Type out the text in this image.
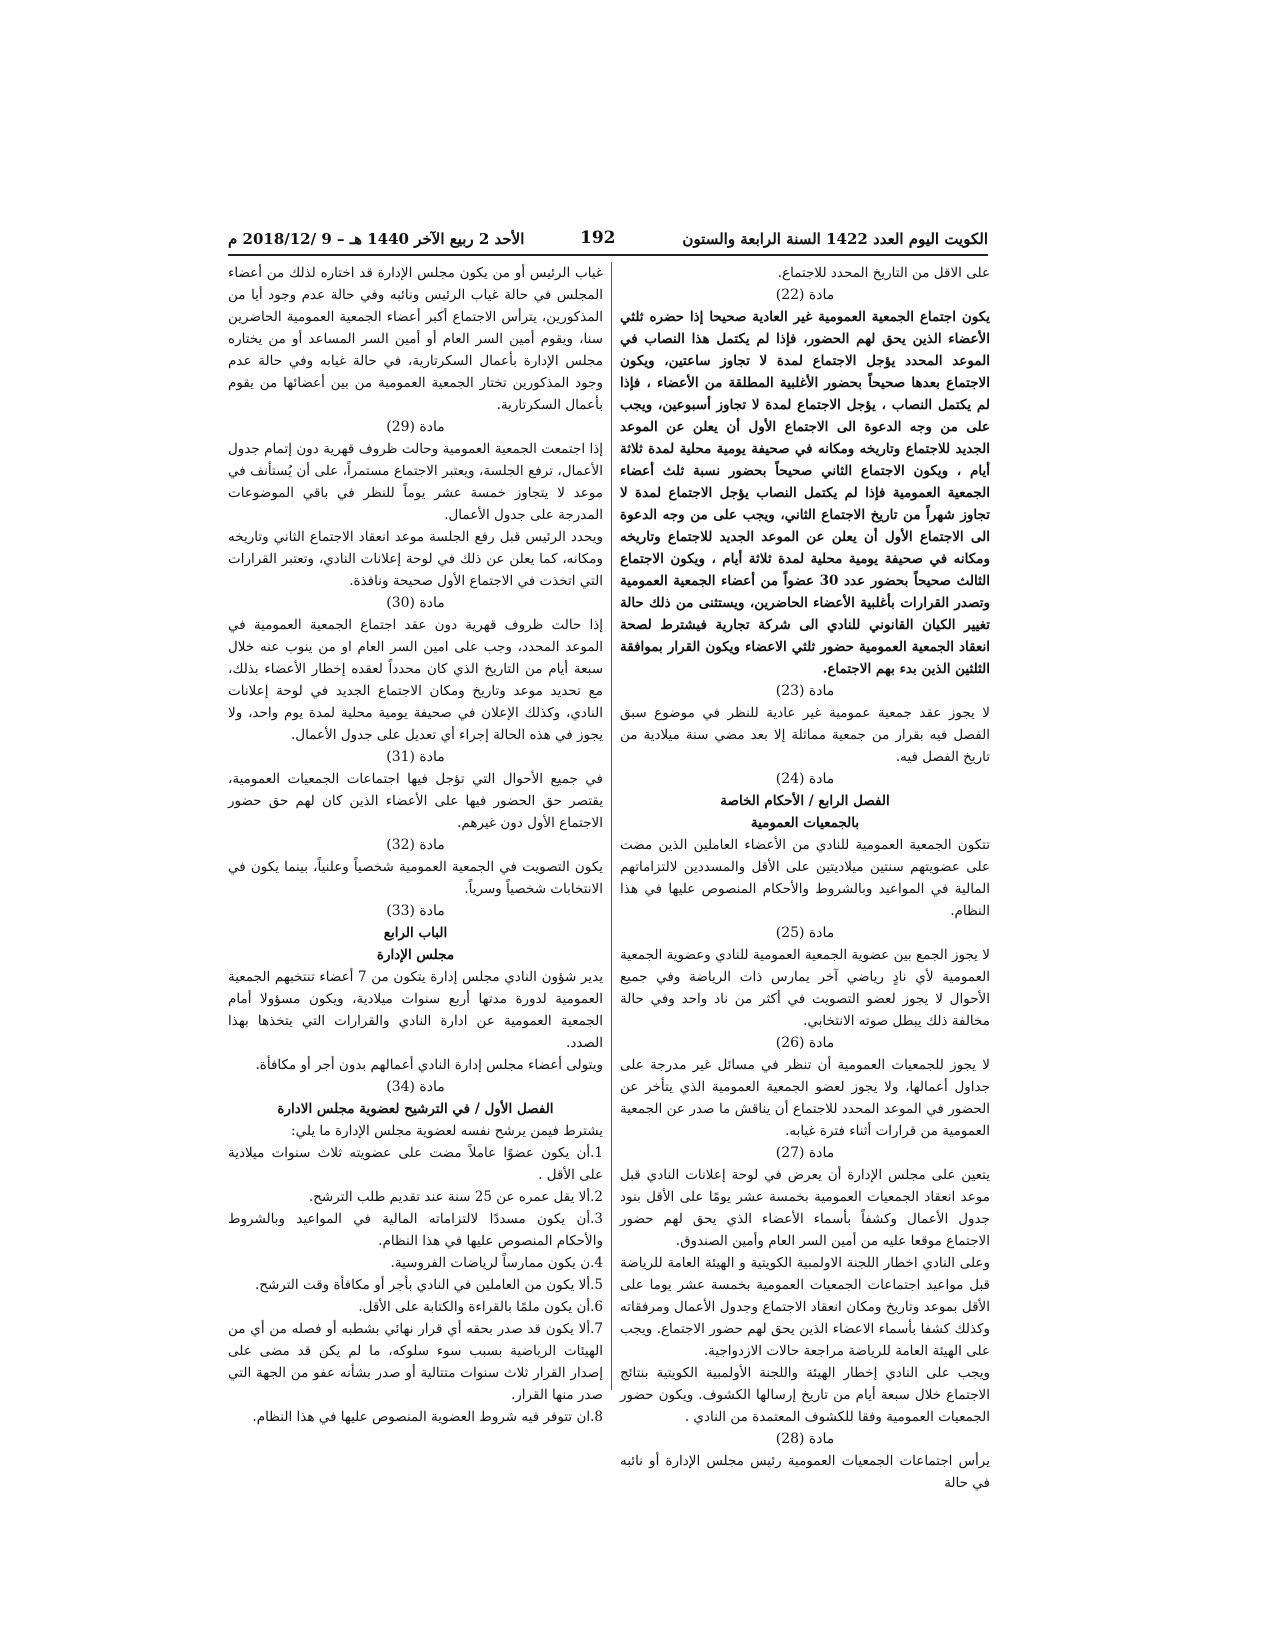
الكويت اليوم العدد 1422 السنة الرابعة والستون
192
الأحد 2 ربيع الآخر 1440 هـ – 9 /2018/12 م

على الاقل من التاريخ المحدد للاجتماع.

مادة (22)

يكون اجتماع الجمعية العمومية غير العادية صحيحا إذا حضره ثلثي الأعضاء الذين يحق لهم الحضور، فإذا لم يكتمل هذا النصاب في الموعد المحدد يؤجل الاجتماع لمدة لا تجاوز ساعتين، ويكون الاجتماع بعدها صحيحاً بحضور الأغلبية المطلقة من الأعضاء ، فإذا لم يكتمل النصاب ، يؤجل الاجتماع لمدة لا تجاوز أسبوعين، ويجب على من وجه الدعوة الى الاجتماع الأول أن يعلن عن الموعد الجديد للاجتماع وتاريخه ومكانه في صحيفة يومية محلية لمدة ثلاثة أيام ، ويكون الاجتماع الثاني صحيحاً بحضور نسبة ثلث أعضاء الجمعية العمومية فإذا لم يكتمل النصاب يؤجل الاجتماع لمدة لا تجاوز شهراً من تاريخ الاجتماع الثاني، ويجب على من وجه الدعوة الى الاجتماع الأول أن يعلن عن الموعد الجديد للاجتماع وتاريخه ومكانه في صحيفة يومية محلية لمدة ثلاثة أيام ، ويكون الاجتماع الثالث صحيحاً بحضور عدد 30 عضواً من أعضاء الجمعية العمومية وتصدر القرارات بأغلبية الأعضاء الحاضرين، ويستثنى من ذلك حالة تغيير الكيان القانوني للنادي الى شركة تجارية فيشترط لصحة انعقاد الجمعية العمومية حضور ثلثي الاعضاء ويكون القرار بموافقة الثلثين الذين بدء بهم الاجتماع.

مادة (23)

لا يجوز عقد جمعية عمومية غير عادية للنظر في موضوع سبق الفصل فيه بقرار من جمعية مماثلة إلا بعد مضي سنة ميلادية من تاريخ الفصل فيه.

مادة (24)

الفصل الرابع / الأحكام الخاصة

بالجمعيات العمومية

تتكون الجمعية العمومية للنادي من الأعضاء العاملين الذين مضت على عضويتهم سنتين ميلاديتين على الأقل والمسددين لالتزاماتهم المالية في المواعيد وبالشروط والأحكام المنصوص عليها في هذا النظام.

مادة (25)

لا يجوز الجمع بين عضوية الجمعية العمومية للنادي وعضوية الجمعية العمومية لأي نادٍ رياضي آخر يمارس ذات الرياضة وفي جميع الأحوال لا يجوز لعضو التصويت في أكثر من ناد واحد وفي حالة مخالفة ذلك يبطل صوته الانتخابي.

مادة (26)

لا يجوز للجمعيات العمومية أن تنظر في مسائل غير مدرجة على جداول أعمالها، ولا يجوز لعضو الجمعية العمومية الذي يتأخر عن الحضور في الموعد المحدد للاجتماع أن يناقش ما صدر عن الجمعية العمومية من قرارات أثناء فترة غيابه.

مادة (27)

يتعين على مجلس الإدارة أن يعرض في لوحة إعلانات النادي قبل موعد انعقاد الجمعيات العمومية بخمسة عشر يومًا على الأقل بنود جدول الأعمال وكشفاً بأسماء الأعضاء الذي يحق لهم حضور الاجتماع موقعا عليه من أمين السر العام وأمين الصندوق.

وعلى النادي اخطار اللجنة الاولمبية الكويتية و الهيئة العامة للرياضة قبل مواعيد اجتماعات الجمعيات العمومية بخمسة عشر يوما على الأقل بموعد وتاريخ ومكان انعقاد الاجتماع وجدول الأعمال ومرفقاته وكذلك كشفا بأسماء الاعضاء الذين يحق لهم حضور الاجتماع. ويجب على الهيئة العامة للرياضة مراجعة حالات الازدواجية.

ويجب على النادي إخطار الهيئة واللجنة الأولمبية الكويتية بنتائج الاجتماع خلال سبعة أيام من تاريخ إرسالها الكشوف. ويكون حضور الجمعيات العمومية وفقا للكشوف المعتمدة من النادي .

مادة (28)

يرأس اجتماعات الجمعيات العمومية رئيس مجلس الإدارة أو نائبه في حالة

غياب الرئيس أو من يكون مجلس الإدارة قد اختاره لذلك من أعضاء المجلس في حالة غياب الرئيس ونائبه وفي حالة عدم وجود أيا من المذكورين، يترأس الاجتماع أكبر أعضاء الجمعية العمومية الحاضرين سنا، ويقوم أمين السر العام أو أمين السر المساعد أو من يختاره مجلس الإدارة بأعمال السكرتارية، في حالة غيابه وفي حالة عدم وجود المذكورين تختار الجمعية العمومية من بين أعضائها من يقوم بأعمال السكرتارية.

مادة (29)

إذا اجتمعت الجمعية العمومية وحالت ظروف قهرية دون إتمام جدول الأعمال، ترفع الجلسة، ويعتبر الاجتماع مستمراً، على أن يُستأنف في موعد لا يتجاوز خمسة عشر يوماً للنظر في باقي الموضوعات المدرجة على جدول الأعمال.

ويحدد الرئيس قبل رفع الجلسة موعد انعقاد الاجتماع الثاني وتاريخه ومكانه، كما يعلن عن ذلك في لوحة إعلانات النادي، وتعتبر القرارات التي اتخذت في الاجتماع الأول صحيحة ونافذة.

مادة (30)

إذا حالت ظروف قهرية دون عقد اجتماع الجمعية العمومية في الموعد المحدد، وجب على امين السر العام او من ينوب عنه خلال سبعة أيام من التاريخ الذي كان محدداً لعقده إخطار الأعضاء بذلك، مع تحديد موعد وتاريخ ومكان الاجتماع الجديد في لوحة إعلانات النادي، وكذلك الإعلان في صحيفة يومية محلية لمدة يوم واحد، ولا يجوز في هذه الحالة إجراء أي تعديل على جدول الأعمال.

مادة (31)

في جميع الأحوال التي تؤجل فيها اجتماعات الجمعيات العمومية، يقتصر حق الحضور فيها على الأعضاء الذين كان لهم حق حضور الاجتماع الأول دون غيرهم.

مادة (32)

يكون التصويت في الجمعية العمومية شخصياً وعلنياً، بينما يكون في الانتخابات شخصياً وسرياً.

مادة (33)

الباب الرابع

مجلس الإدارة

يدير شؤون النادي مجلس إدارة يتكون من 7 أعضاء تنتخبهم الجمعية العمومية لدورة مدتها أربع سنوات ميلادية، ويكون مسؤولا أمام الجمعية العمومية عن ادارة النادي والقرارات التي يتخذها بهذا الصدد.

ويتولى أعضاء مجلس إدارة النادي أعمالهم بدون أجر أو مكافأة.

مادة (34)

الفصل الأول / في الترشيح لعضوية مجلس الادارة

يشترط فيمن يرشح نفسه لعضوية مجلس الإدارة ما يلي:

1.أن يكون عضوًا عاملاً مضت على عضويته ثلاث سنوات ميلادية على الأقل .

2.ألا يقل عمره عن 25 سنة عند تقديم طلب الترشح.

3.أن يكون مسددًا لالتزاماته المالية في المواعيد وبالشروط والأحكام المنصوص عليها في هذا النظام.

4.ن يكون ممارساً لرياضات الفروسية.

5.ألا يكون من العاملين في النادي بأجر أو مكافأة وقت الترشح.

6.أن يكون ملمًا بالقراءة والكتابة على الأقل.

7.ألا يكون قد صدر بحقه أي قرار نهائي بشطبه أو فصله من أي من الهيئات الرياضية بسبب سوء سلوكه، ما لم يكن قد مضى على إصدار القرار ثلاث سنوات متتالية أو صدر بشأنه عفو من الجهة التي صدر منها القرار.

8.ان تتوفر فيه شروط العضوية المنصوص عليها في هذا النظام.
